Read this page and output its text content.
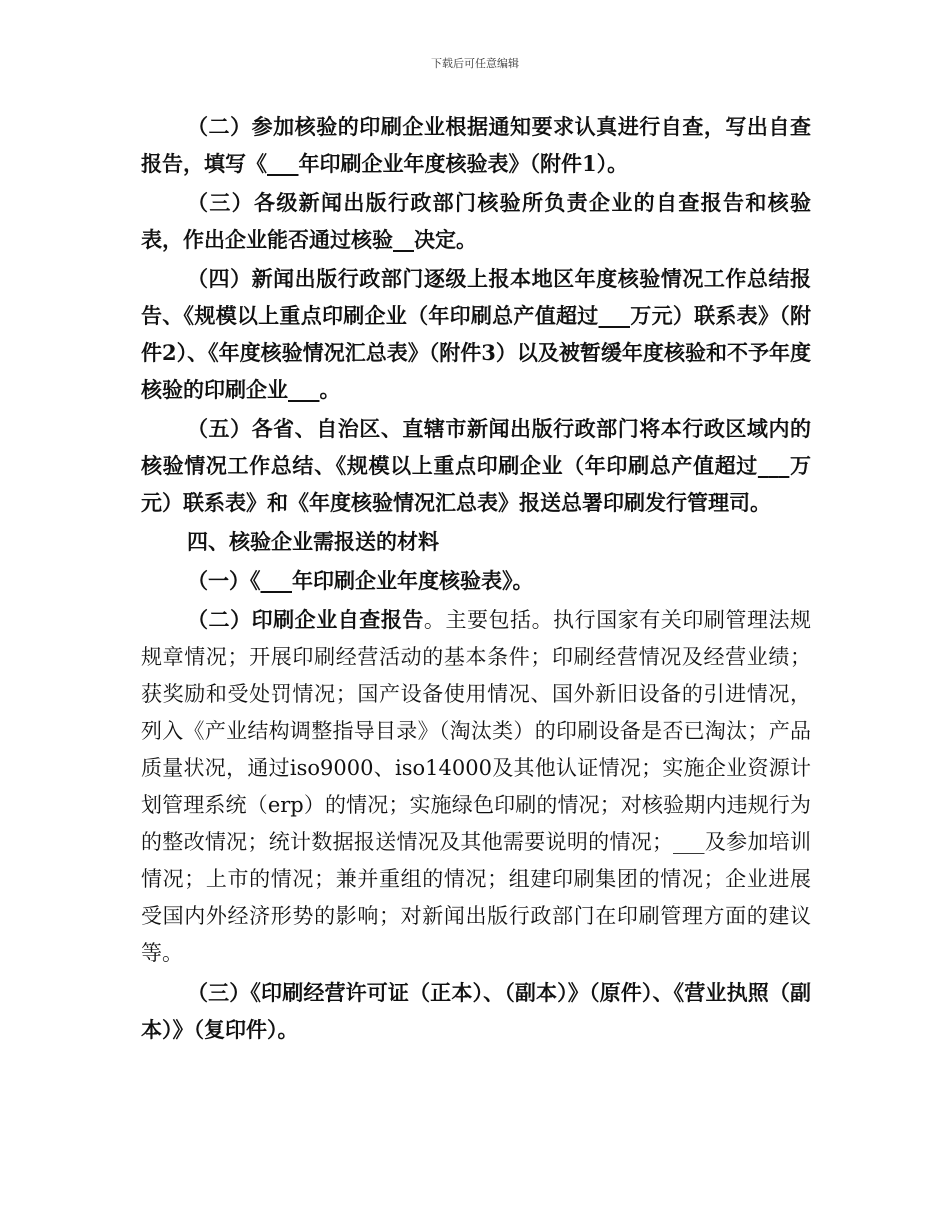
下载后可任意编辑

（二）参加核验的印刷企业根据通知要求认真进行自查，写出自查报告，填写《___年印刷企业年度核验表》（附件1）。

（三）各级新闻出版行政部门核验所负责企业的自查报告和核验表，作出企业能否通过核验__决定。

（四）新闻出版行政部门逐级上报本地区年度核验情况工作总结报告、《规模以上重点印刷企业（年印刷总产值超过___万元）联系表》（附件2）、《年度核验情况汇总表》（附件3）以及被暂缓年度核验和不予年度核验的印刷企业___。

（五）各省、自治区、直辖市新闻出版行政部门将本行政区域内的核验情况工作总结、《规模以上重点印刷企业（年印刷总产值超过___万元）联系表》和《年度核验情况汇总表》报送总署印刷发行管理司。

四、核验企业需报送的材料

（一）《___年印刷企业年度核验表》。

（二）印刷企业自查报告。主要包括。执行国家有关印刷管理法规规章情况；开展印刷经营活动的基本条件；印刷经营情况及经营业绩；获奖励和受处罚情况；国产设备使用情况、国外新旧设备的引进情况，列入《产业结构调整指导目录》（淘汰类）的印刷设备是否已淘汰；产品质量状况，通过iso9000、iso14000及其他认证情况；实施企业资源计划管理系统（erp）的情况；实施绿色印刷的情况；对核验期内违规行为的整改情况；统计数据报送情况及其他需要说明的情况；___及参加培训情况；上市的情况；兼并重组的情况；组建印刷集团的情况；企业进展受国内外经济形势的影响；对新闻出版行政部门在印刷管理方面的建议等。

（三）《印刷经营许可证（正本）、（副本）》（原件）、《营业执照（副本）》（复印件）。
